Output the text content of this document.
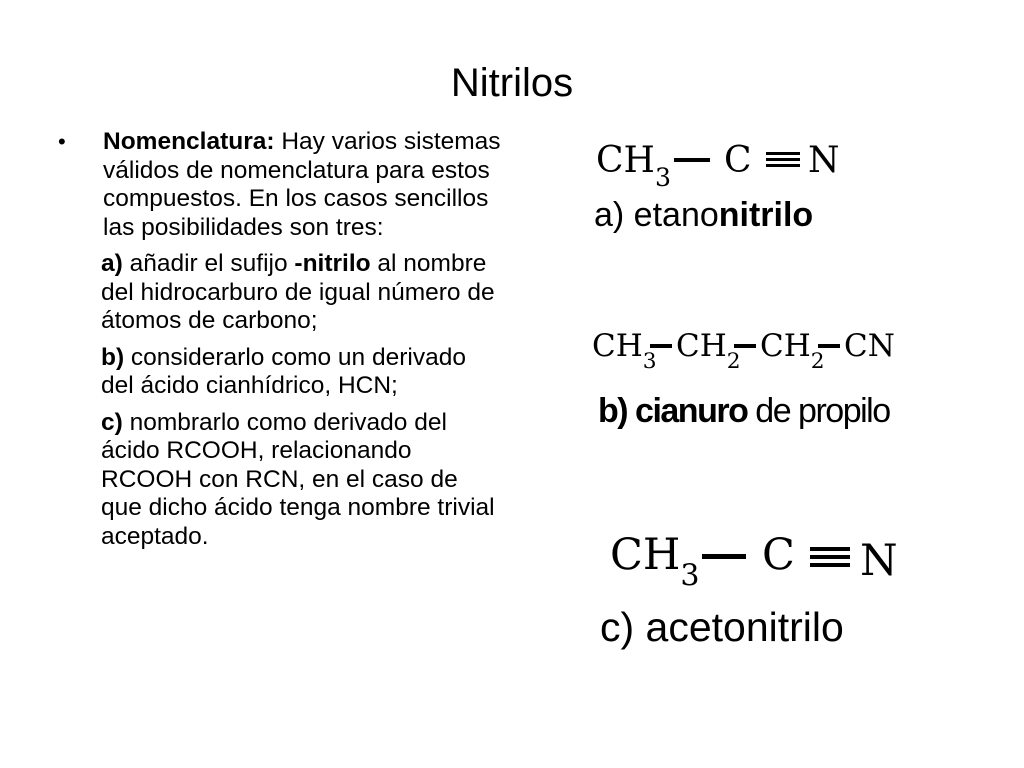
Nitrilos
•	Nomenclatura: Hay varios sistemas válidos de nomenclatura para estos compuestos. En los casos sencillos las posibilidades son tres:
a) añadir el sufijo -nitrilo al nombre del hidrocarburo de igual número de átomos de carbono;
b) considerarlo como un derivado del ácido cianhídrico, HCN;
c) nombrarlo como derivado del ácido RCOOH, relacionando RCOOH con RCN, en el caso de que dicho ácido tenga nombre trivial aceptado.
$CH_3$ C N
a) etanonitrilo
$CH_3$ $CH_2$ $CH_2$ CN
b) cianuro de propilo
$CH_3$ C N
c) acetonitrilo
